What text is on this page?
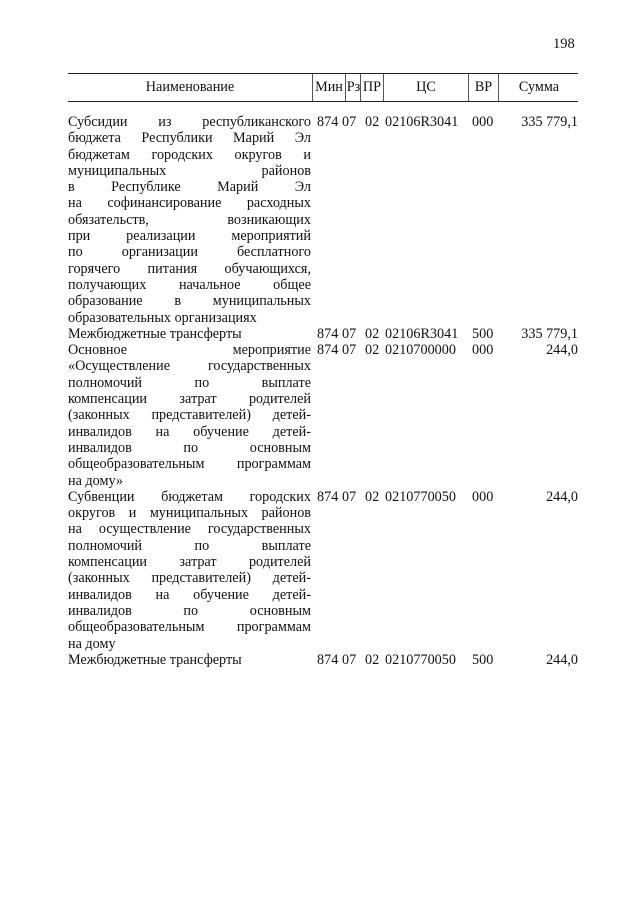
198
Наименование	Мин Рз ПР	ЦС	ВР	Сумма
Субсидии из республиканского
бюджета Республики Марий Эл
бюджетам городских округов и
муниципальных районов
в Республике Марий Эл
на софинансирование расходных
обязательств, возникающих
при реализации мероприятий
по организации бесплатного
горячего питания обучающихся,
получающих начальное общее
образование в муниципальных
образовательных организациях
874 07 02 02106R3041 000 335 779,1
Межбюджетные трансферты	874 07 02 02106R3041 500 335 779,1
Основное мероприятие
«Осуществление государственных
полномочий по выплате
компенсации затрат родителей
(законных представителей) детей-
инвалидов на обучение детей-
инвалидов по основным
общеобразовательным программам
на дому»
874 07 02 0210700000 000	244,0
Субвенции бюджетам городских
округов и муниципальных районов
на осуществление государственных
полномочий по выплате
компенсации затрат родителей
(законных представителей) детей-
инвалидов на обучение детей-
инвалидов по основным
общеобразовательным программам
на дому
874 07 02 0210770050 000	244,0
Межбюджетные трансферты	874 07 02 0210770050 500	244,0
